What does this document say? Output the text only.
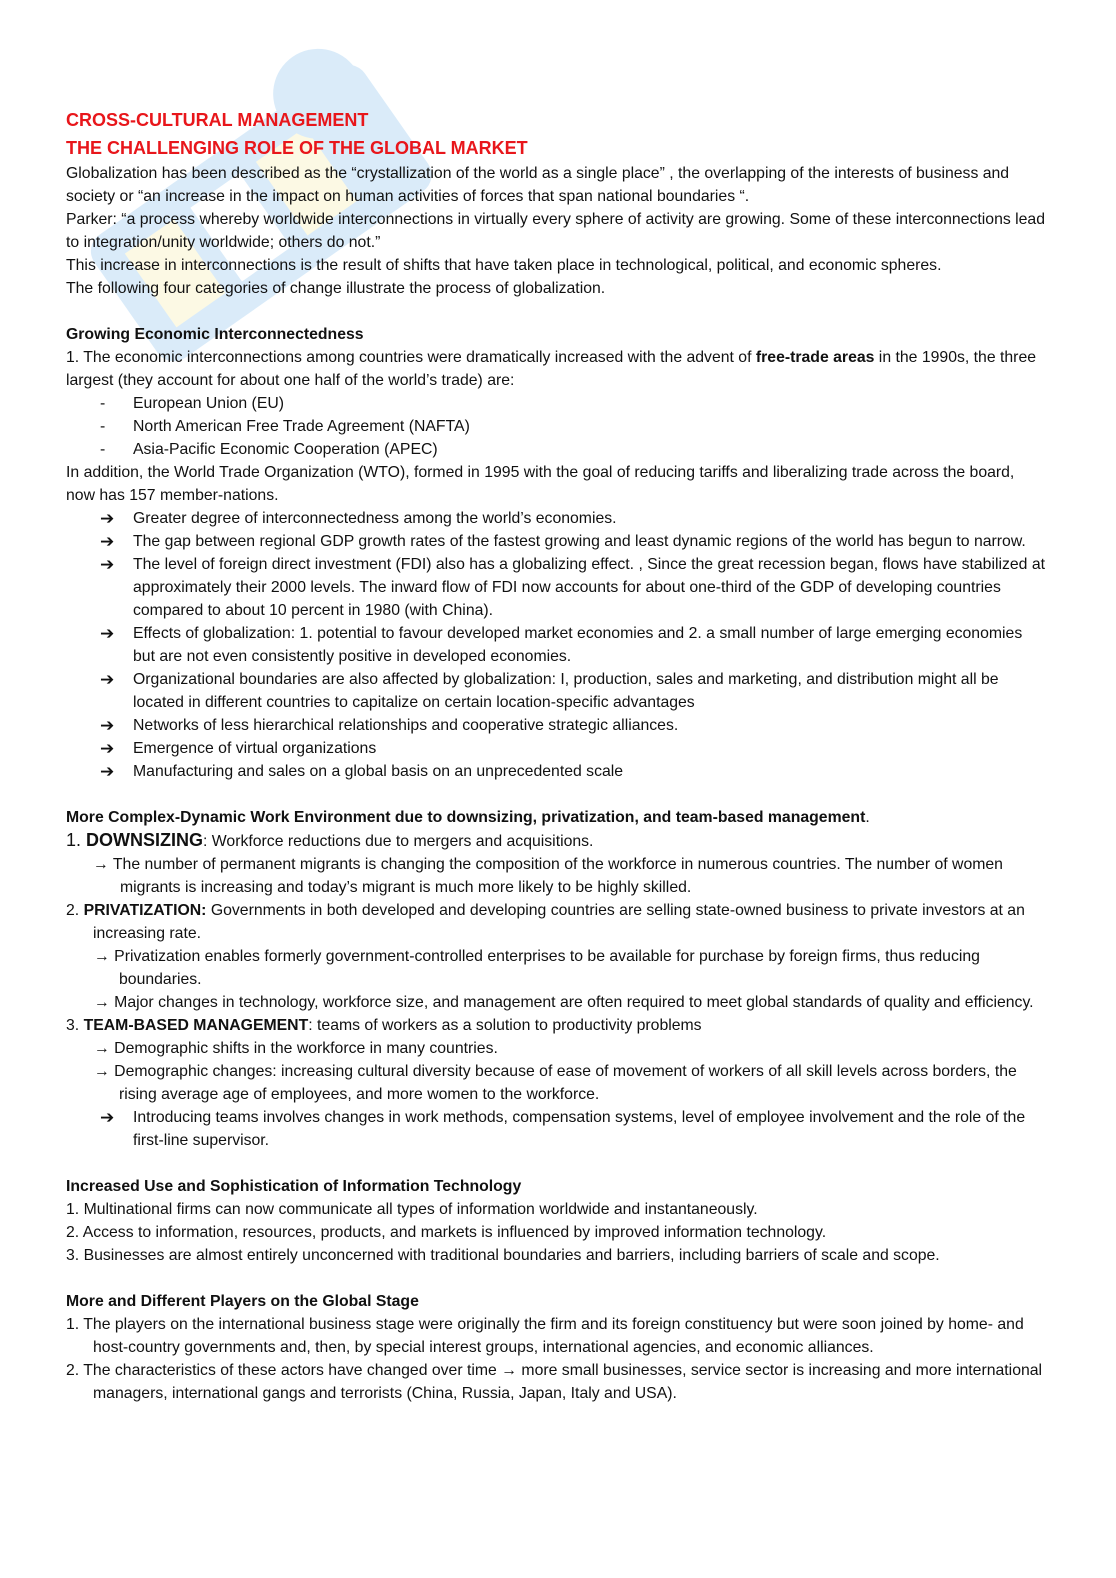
CROSS-CULTURAL MANAGEMENT
THE CHALLENGING ROLE OF THE GLOBAL MARKET

Globalization has been described as the “crystallization of the world as a single place” , the overlapping of the interests of business and society or “an increase in the impact on human activities of forces that span national boundaries “.

Parker: “a process whereby worldwide interconnections in virtually every sphere of activity are growing. Some of these interconnections lead to integration/unity worldwide; others do not.”

This increase in interconnections is the result of shifts that have taken place in technological, political, and economic spheres.

The following four categories of change illustrate the process of globalization.

Growing Economic Interconnectedness

1. The economic interconnections among countries were dramatically increased with the advent of free-trade areas in the 1990s, the three largest (they account for about one half of the world’s trade) are:

- European Union (EU)
- North American Free Trade Agreement (NAFTA)
- Asia-Pacific Economic Cooperation (APEC)

In addition, the World Trade Organization (WTO), formed in 1995 with the goal of reducing tariffs and liberalizing trade across the board, now has 157 member-nations.

➔ Greater degree of interconnectedness among the world’s economies.
➔ The gap between regional GDP growth rates of the fastest growing and least dynamic regions of the world has begun to narrow.
➔ The level of foreign direct investment (FDI) also has a globalizing effect. , Since the great recession began, flows have stabilized at approximately their 2000 levels. The inward flow of FDI now accounts for about one-third of the GDP of developing countries compared to about 10 percent in 1980 (with China).
➔ Effects of globalization: 1. potential to favour developed market economies and 2. a small number of large emerging economies but are not even consistently positive in developed economies.
➔ Organizational boundaries are also affected by globalization: I, production, sales and marketing, and distribution might all be located in different countries to capitalize on certain location-specific advantages
➔ Networks of less hierarchical relationships and cooperative strategic alliances.
➔ Emergence of virtual organizations
➔ Manufacturing and sales on a global basis on an unprecedented scale

More Complex-Dynamic Work Environment due to downsizing, privatization, and team-based management.

1. DOWNSIZING: Workforce reductions due to mergers and acquisitions.

→ The number of permanent migrants is changing the composition of the workforce in numerous countries. The number of women migrants is increasing and today’s migrant is much more likely to be highly skilled.

2. PRIVATIZATION: Governments in both developed and developing countries are selling state-owned business to private investors at an increasing rate.

→ Privatization enables formerly government-controlled enterprises to be available for purchase by foreign firms, thus reducing boundaries.

→ Major changes in technology, workforce size, and management are often required to meet global standards of quality and efficiency.

3. TEAM-BASED MANAGEMENT: teams of workers as a solution to productivity problems

→ Demographic shifts in the workforce in many countries.

→ Demographic changes: increasing cultural diversity because of ease of movement of workers of all skill levels across borders, the rising average age of employees, and more women to the workforce.

➔ Introducing teams involves changes in work methods, compensation systems, level of employee involvement and the role of the first-line supervisor.

Increased Use and Sophistication of Information Technology

1. Multinational firms can now communicate all types of information worldwide and instantaneously.

2. Access to information, resources, products, and markets is influenced by improved information technology.

3. Businesses are almost entirely unconcerned with traditional boundaries and barriers, including barriers of scale and scope.

More and Different Players on the Global Stage

1. The players on the international business stage were originally the firm and its foreign constituency but were soon joined by home- and host-country governments and, then, by special interest groups, international agencies, and economic alliances.

2. The characteristics of these actors have changed over time → more small businesses, service sector is increasing and more international managers, international gangs and terrorists (China, Russia, Japan, Italy and USA).
